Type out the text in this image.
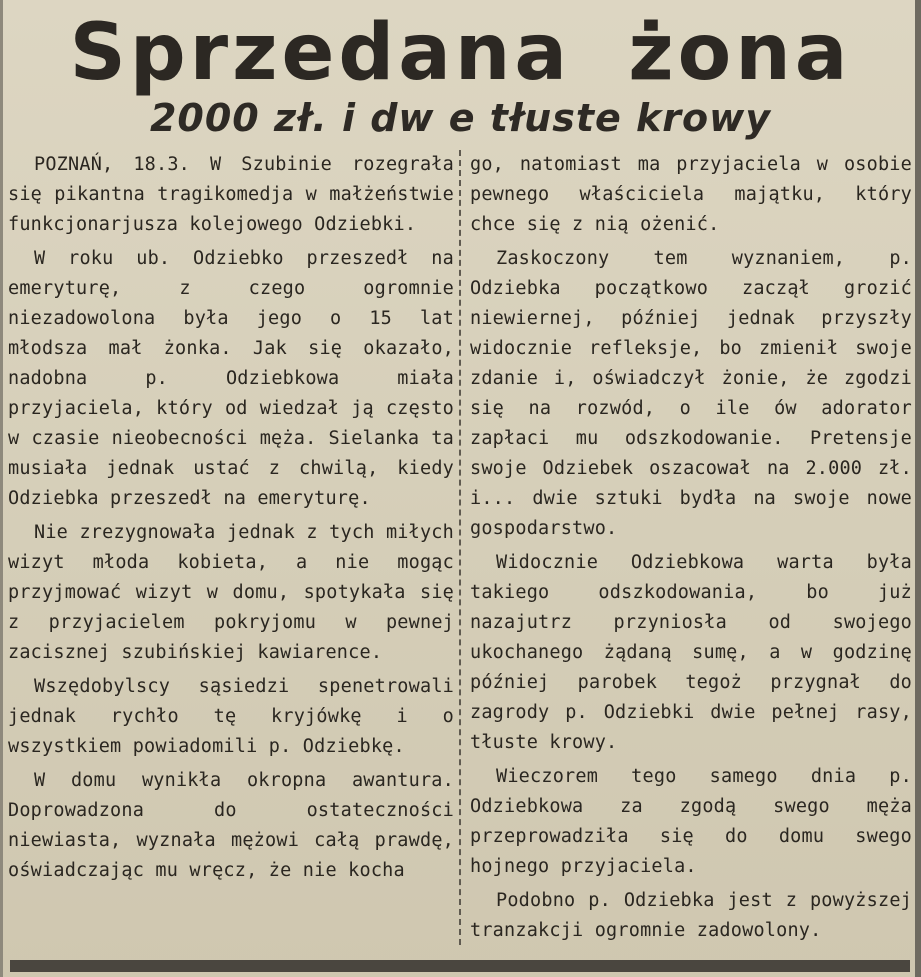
Sprzedana żona
2000 zł. i dw e tłuste krowy

POZNAŃ, 18.3. W Szubinie rozegrała się pikantna tragikomedja w małżeństwie funkcjonarjusza kolejowego Odziebki.

W roku ub. Odziebko przeszedł na emeryturę, z czego ogromnie niezadowolona była jego o 15 lat młodsza mał żonka. Jak się okazało, nadobna p. Odziebkowa miała przyjaciela, który od wiedzał ją często w czasie nieobecności męża. Sielanka ta musiała jednak ustać z chwilą, kiedy Odziebka przeszedł na emeryturę.

Nie zrezygnowała jednak z tych miłych wizyt młoda kobieta, a nie mogąc przyjmować wizyt w domu, spotykała się z przyjacielem pokryjomu w pewnej zacisznej szubińskiej kawiarence.

Wszędobylscy sąsiedzi spenetrowali jednak rychło tę kryjówkę i o wszystkiem powiadomili p. Odziebkę.

W domu wynikła okropna awantura. Doprowadzona do ostateczności niewiasta, wyznała mężowi całą prawdę, oświadczając mu wręcz, że nie kocha

go, natomiast ma przyjaciela w osobie pewnego właściciela majątku, który chce się z nią ożenić.

Zaskoczony tem wyznaniem, p. Odziebka początkowo zaczął grozić niewiernej, później jednak przyszły widocznie refleksje, bo zmienił swoje zdanie i, oświadczył żonie, że zgodzi się na rozwód, o ile ów adorator zapłaci mu odszkodowanie. Pretensje swoje Odziebek oszacował na 2.000 zł. i... dwie sztuki bydła na swoje nowe gospodarstwo.

Widocznie Odziebkowa warta była takiego odszkodowania, bo już nazajutrz przyniosła od swojego ukochanego żądaną sumę, a w godzinę później parobek tegoż przygnał do zagrody p. Odziebki dwie pełnej rasy, tłuste krowy.

Wieczorem tego samego dnia p. Odziebkowa za zgodą swego męża przeprowadziła się do domu swego hojnego przyjaciela.

Podobno p. Odziebka jest z powyższej tranzakcji ogromnie zadowolony.
